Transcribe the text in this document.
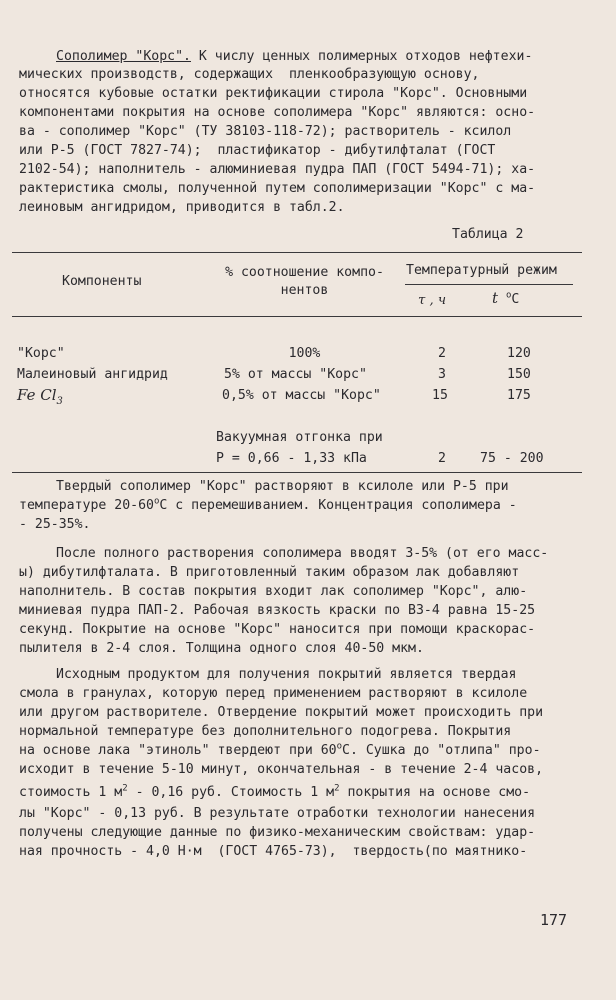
Сополимер "Корс". К числу ценных полимерных отходов нефтехи-
мических производств, содержащих  пленкообразующую основу,
относятся кубовые остатки ректификации стирола "Корс". Основными
компонентами покрытия на основе сополимера "Корс" являются: осно-
ва - сополимер "Корс" (ТУ 38103-118-72); растворитель - ксилол
или Р-5 (ГОСТ 7827-74);  пластификатор - дибутилфталат (ГОСТ
2102-54); наполнитель - алюминиевая пудра ПАП (ГОСТ 5494-71); ха-
рактеристика смолы, полученной путем сополимеризации "Корс" с ма-
леиновым ангидридом, приводится в табл.2.
Таблица 2
Компоненты
% соотношение компо-
нентов
Температурный режим
τ , ч	t $^o$C
"Корс"	100%	2	120
Малеиновый ангидрид	5% от массы "Корс"	3	150
Fe $Cl_3$	0,5% от массы "Корс"	15	175
Вакуумная отгонка при
P = 0,66 - 1,33 кПа	2	75 - 200
Твердый сополимер "Корс" растворяют в ксилоле или Р-5 при
температуре 20-60$^o$С с перемешиванием. Концентрация сополимера -
- 25-35%.
После полного растворения сополимера вводят 3-5% (от его масс-
ы) дибутилфталата. В приготовленный таким образом лак добавляют
наполнитель. В состав покрытия входит лак сополимер "Корс", алю-
миниевая пудра ПАП-2. Рабочая вязкость краски по ВЗ-4 равна 15-25
секунд. Покрытие на основе "Корс" наносится при помощи краскорас-
пылителя в 2-4 слоя. Толщина одного слоя 40-50 мкм.
Исходным продуктом для получения покрытий является твердая
смола в гранулах, которую перед применением растворяют в ксилоле
или другом растворителе. Отвердение покрытий может происходить при
нормальной температуре без дополнительного подогрева. Покрытия
на основе лака "этиноль" твердеют при 60$^o$С. Сушка до "отлипа" про-
исходит в течение 5-10 минут, окончательная - в течение 2-4 часов,
стоимость 1 $м^2 - 0,16$ руб. Стоимость 1 $м^2$ покрытия на основе смо-
лы "Корс" - 0,13 руб. В результате отработки технологии нанесения
получены следующие данные по физико-механическим свойствам: удар-
ная прочность - 4,0 Н·м  (ГОСТ 4765-73),  твердость(по маятнико-
177
